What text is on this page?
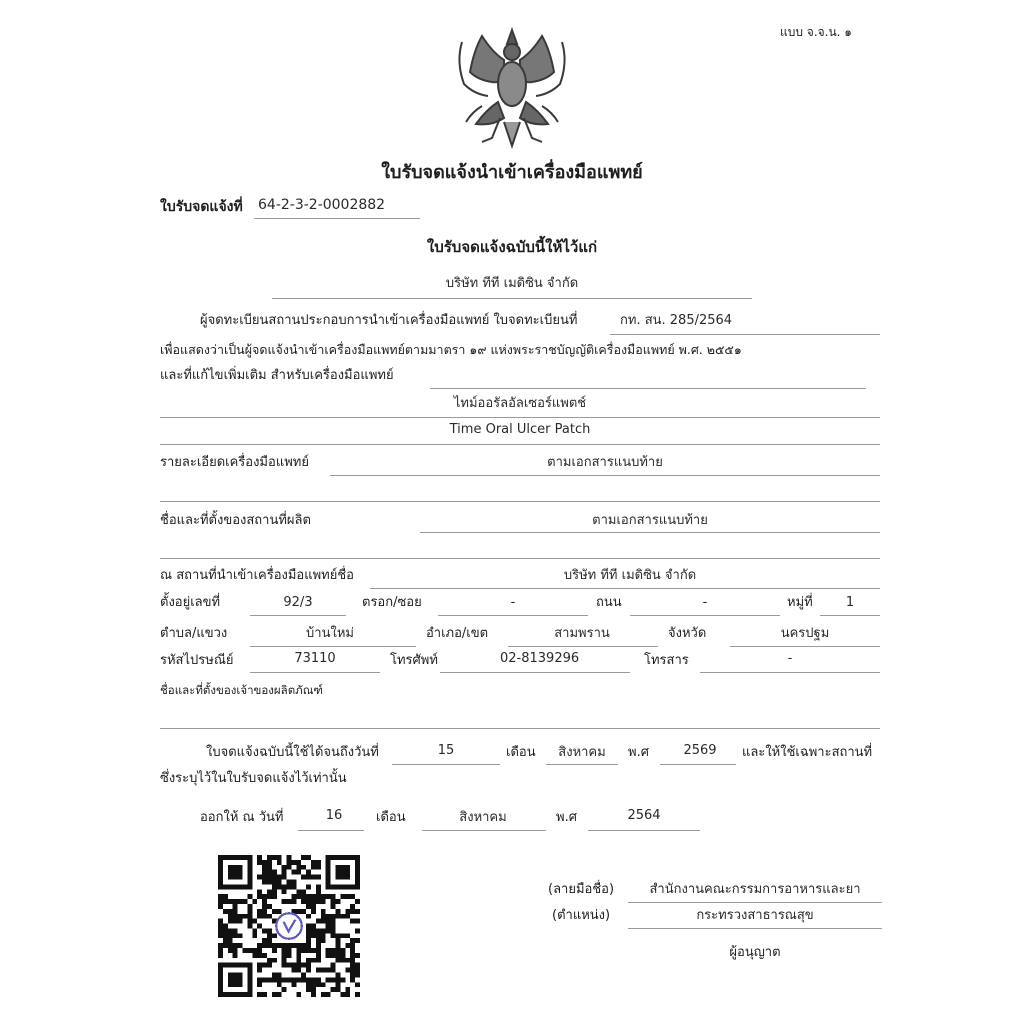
แบบ จ.จ.น. ๑
ใบรับจดแจ้งนำเข้าเครื่องมือแพทย์
ใบรับจดแจ้งที่ 64-2-3-2-0002882
ใบรับจดแจ้งฉบับนี้ให้ไว้แก่
บริษัท ทีที เมดิซิน จำกัด
ผู้จดทะเบียนสถานประกอบการนำเข้าเครื่องมือแพทย์ ใบจดทะเบียนที่	กท. สน. 285/2564
เพื่อแสดงว่าเป็นผู้จดแจ้งนำเข้าเครื่องมือแพทย์ตามมาตรา ๑๙ แห่งพระราชบัญญัติเครื่องมือแพทย์ พ.ศ. ๒๕๕๑
และที่แก้ไขเพิ่มเติม สำหรับเครื่องมือแพทย์
ไทม์ออรัลอัลเซอร์แพตช์
Time Oral Ulcer Patch
รายละเอียดเครื่องมือแพทย์	ตามเอกสารแนบท้าย
ชื่อและที่ตั้งของสถานที่ผลิต	ตามเอกสารแนบท้าย
ณ สถานที่นำเข้าเครื่องมือแพทย์ชื่อ	บริษัท ทีที เมดิซิน จำกัด
ตั้งอยู่เลขที่	92/3	ตรอก/ซอย	-	ถนน	-	หมู่ที่	1
ตำบล/แขวง	บ้านใหม่	อำเภอ/เขต	สามพราน	จังหวัด	นครปฐม
รหัสไปรษณีย์	73110	โทรศัพท์	02-8139296	โทรสาร	-
ชื่อและที่ตั้งของเจ้าของผลิตภัณฑ์
ใบจดแจ้งฉบับนี้ใช้ได้จนถึงวันที่	15	เดือน	สิงหาคม	พ.ศ	2569	และให้ใช้เฉพาะสถานที่
ซึ่งระบุไว้ในใบรับจดแจ้งไว้เท่านั้น
ออกให้ ณ วันที่	16	เดือน	สิงหาคม	พ.ศ	2564
(ลายมือชื่อ)	สำนักงานคณะกรรมการอาหารและยา
(ตำแหน่ง)	กระทรวงสาธารณสุข
ผู้อนุญาต
